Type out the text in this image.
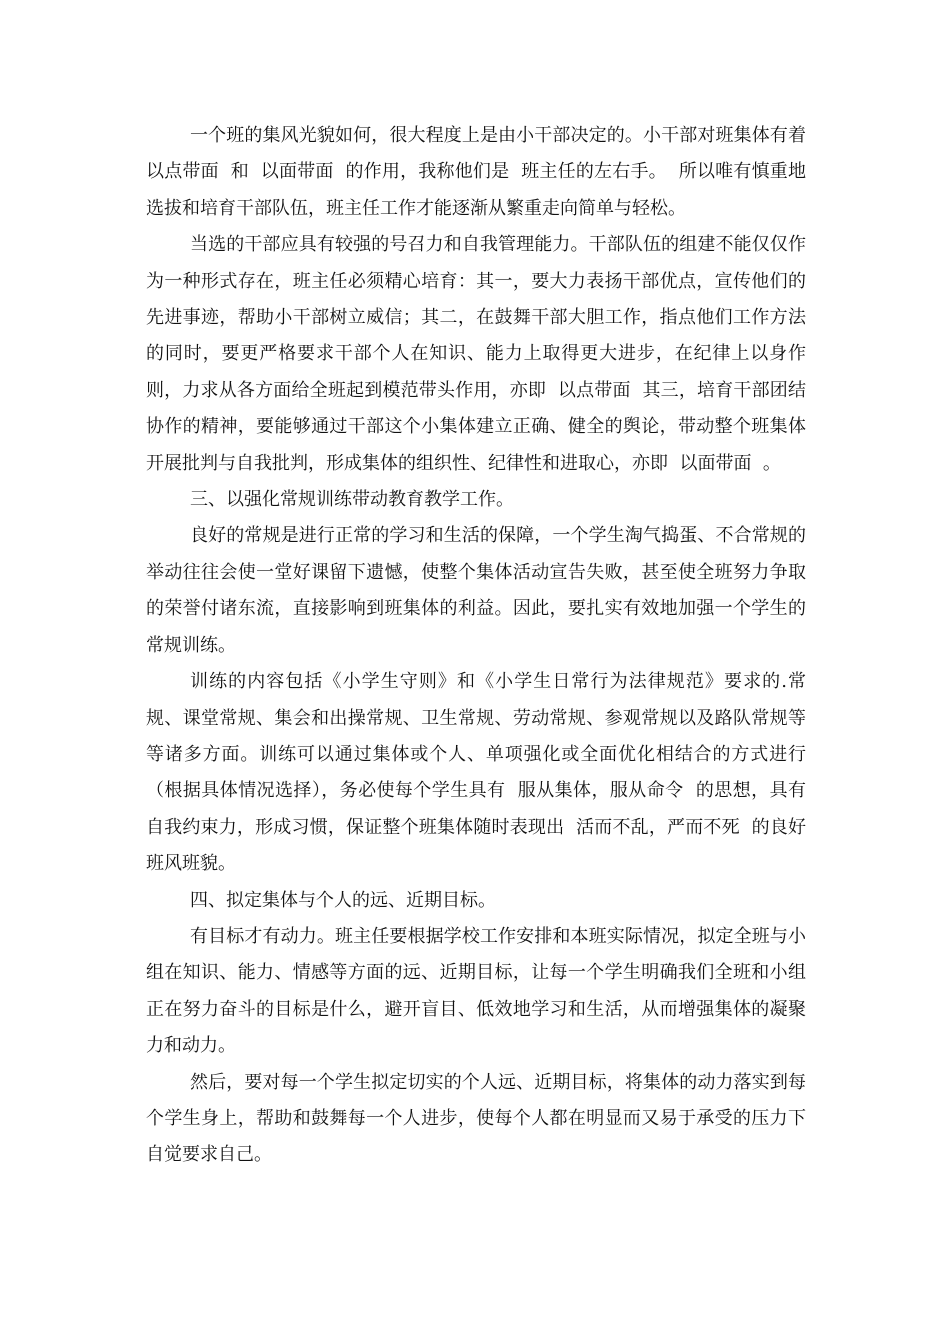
一个班的集风光貌如何，很大程度上是由小干部决定的。小干部对班集体有着  以点带面  和  以面带面  的作用，我称他们是  班主任的左右手。  所以唯有慎重地选拔和培育干部队伍，班主任工作才能逐渐从繁重走向简单与轻松。

当选的干部应具有较强的号召力和自我管理能力。干部队伍的组建不能仅仅作为一种形式存在，班主任必须精心培育：其一，要大力表扬干部优点，宣传他们的先进事迹，帮助小干部树立威信；其二，在鼓舞干部大胆工作，指点他们工作方法的同时，要更严格要求干部个人在知识、能力上取得更大进步，在纪律上以身作则，力求从各方面给全班起到模范带头作用，亦即  以点带面  其三，培育干部团结协作的精神，要能够通过干部这个小集体建立正确、健全的舆论，带动整个班集体开展批判与自我批判，形成集体的组织性、纪律性和进取心，亦即  以面带面  。

三、以强化常规训练带动教育教学工作。

良好的常规是进行正常的学习和生活的保障，一个学生淘气捣蛋、不合常规的举动往往会使一堂好课留下遗憾，使整个集体活动宣告失败，甚至使全班努力争取的荣誉付诸东流，直接影响到班集体的利益。因此，要扎实有效地加强一个学生的常规训练。

训练的内容包括《小学生守则》和《小学生日常行为法律规范》要求的.常规、课堂常规、集会和出操常规、卫生常规、劳动常规、参观常规以及路队常规等等诸多方面。训练可以通过集体或个人、单项强化或全面优化相结合的方式进行（根据具体情况选择），务必使每个学生具有  服从集体，服从命令  的思想，具有自我约束力，形成习惯，保证整个班集体随时表现出  活而不乱，严而不死  的良好班风班貌。

四、拟定集体与个人的远、近期目标。

有目标才有动力。班主任要根据学校工作安排和本班实际情况，拟定全班与小组在知识、能力、情感等方面的远、近期目标，让每一个学生明确我们全班和小组正在努力奋斗的目标是什么，避开盲目、低效地学习和生活，从而增强集体的凝聚力和动力。

然后，要对每一个学生拟定切实的个人远、近期目标，将集体的动力落实到每个学生身上，帮助和鼓舞每一个人进步，使每个人都在明显而又易于承受的压力下自觉要求自己。
